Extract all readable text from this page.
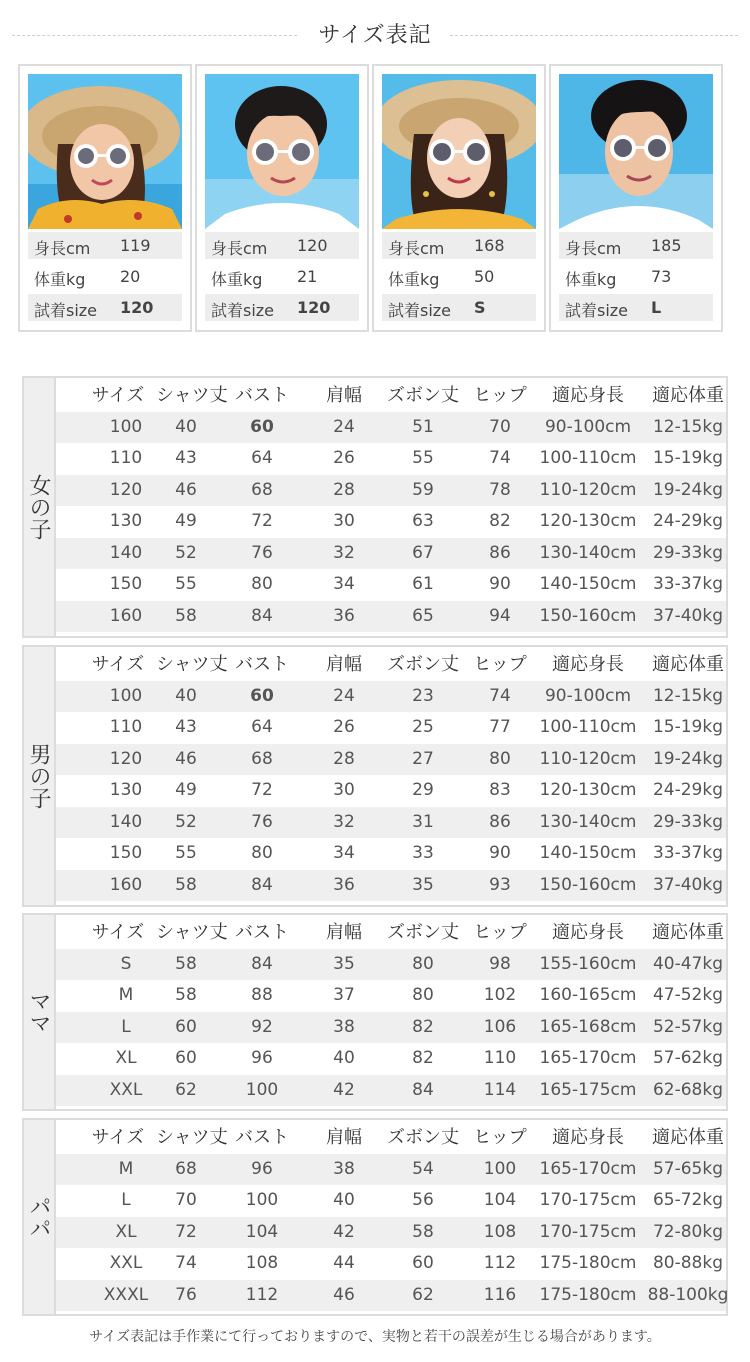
サイズ表記
身長cm 119
体重kg 20
試着size 120
身長cm 120
体重kg 21
試着size 120
身長cm 168
体重kg 50
試着size S
身長cm 185
体重kg 73
試着size L
女の子
サイズ シャツ丈 バスト	肩幅	ズボン丈 ヒップ	適応身長	適応体重
100	40	60	24	51	70	90-100cm	12-15kg
110	43	64	26	55	74	100-110cm 15-19kg
120	46	68	28	59	78	110-120cm 19-24kg
130	49	72	30	63	82	120-130cm 24-29kg
140	52	76	32	67	86	130-140cm 29-33kg
150	55	80	34	61	90	140-150cm 33-37kg
160	58	84	36	65	94	150-160cm 37-40kg
男の子
サイズ シャツ丈 バスト	肩幅	ズボン丈 ヒップ	適応身長	適応体重
100	40	60	24	23	74	90-100cm	12-15kg
110	43	64	26	25	77	100-110cm 15-19kg
120	46	68	28	27	80	110-120cm 19-24kg
130	49	72	30	29	83	120-130cm 24-29kg
140	52	76	32	31	86	130-140cm 29-33kg
150	55	80	34	33	90	140-150cm 33-37kg
160	58	84	36	35	93	150-160cm 37-40kg
ママ
サイズ シャツ丈 バスト	肩幅	ズボン丈 ヒップ	適応身長	適応体重
S	58	84	35	80	98	155-160cm 40-47kg
M	58	88	37	80	102	160-165cm 47-52kg
L	60	92	38	82	106	165-168cm 52-57kg
XL	60	96	40	82	110	165-170cm 57-62kg
XXL	62	100	42	84	114	165-175cm 62-68kg
パパ
サイズ シャツ丈 バスト	肩幅	ズボン丈 ヒップ	適応身長	適応体重
M	68	96	38	54	100	165-170cm 57-65kg
L	70	100	40	56	104	170-175cm 65-72kg
XL	72	104	42	58	108	170-175cm 72-80kg
XXL	74	108	44	60	112	175-180cm 80-88kg
XXXL	76	112	46	62	116	175-180cm 88-100kg
サイズ表記は手作業にて行っておりますので、実物と若干の誤差が生じる場合があります。
